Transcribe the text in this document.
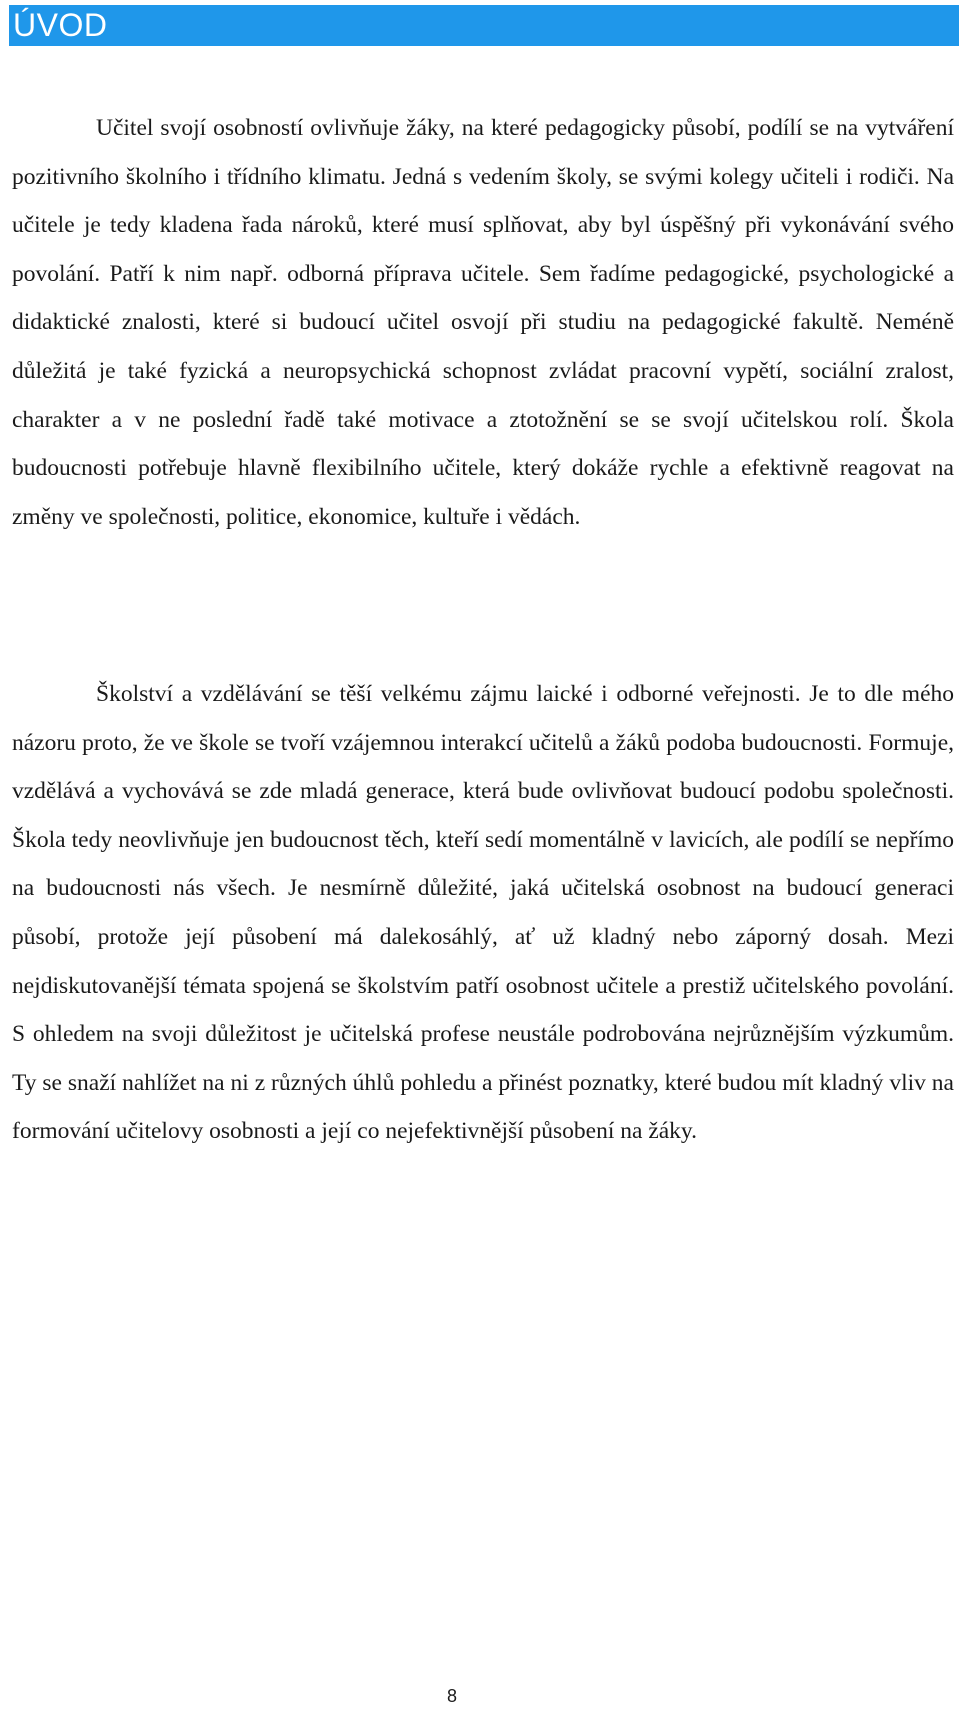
ÚVOD

Učitel svojí osobností ovlivňuje žáky, na které pedagogicky působí, podílí se na vytváření pozitivního školního i třídního klimatu. Jedná s vedením školy, se svými kolegy učiteli i rodiči. Na učitele je tedy kladena řada nároků, které musí splňovat, aby byl úspěšný při vykonávání svého povolání. Patří k nim např. odborná příprava učitele. Sem řadíme pedagogické, psychologické a didaktické znalosti, které si budoucí učitel osvojí při studiu na pedagogické fakultě. Neméně důležitá je také fyzická a neuropsychická schopnost zvládat pracovní vypětí, sociální zralost, charakter a v ne poslední řadě také motivace a ztotožnění se se svojí učitelskou rolí. Škola budoucnosti potřebuje hlavně flexibilního učitele, který dokáže rychle a efektivně reagovat na změny ve společnosti, politice, ekonomice, kultuře i vědách.

Školství a vzdělávání se těší velkému zájmu laické i odborné veřejnosti. Je to dle mého názoru proto, že ve škole se tvoří vzájemnou interakcí učitelů a žáků podoba budoucnosti. Formuje, vzdělává a vychovává se zde mladá generace, která bude ovlivňovat budoucí podobu společnosti. Škola tedy neovlivňuje jen budoucnost těch, kteří sedí momentálně v lavicích, ale podílí se nepřímo na budoucnosti nás všech. Je nesmírně důležité, jaká učitelská osobnost na budoucí generaci působí, protože její působení má dalekosáhlý, ať už kladný nebo záporný dosah. Mezi nejdiskutovanější témata spojená se školstvím patří osobnost učitele a prestiž učitelského povolání. S ohledem na svoji důležitost je učitelská profese neustále podrobována nejrůznějším výzkumům. Ty se snaží nahlížet na ni z různých úhlů pohledu a přinést poznatky, které budou mít kladný vliv na formování učitelovy osobnosti a její co nejefektivnější působení na žáky.

8
